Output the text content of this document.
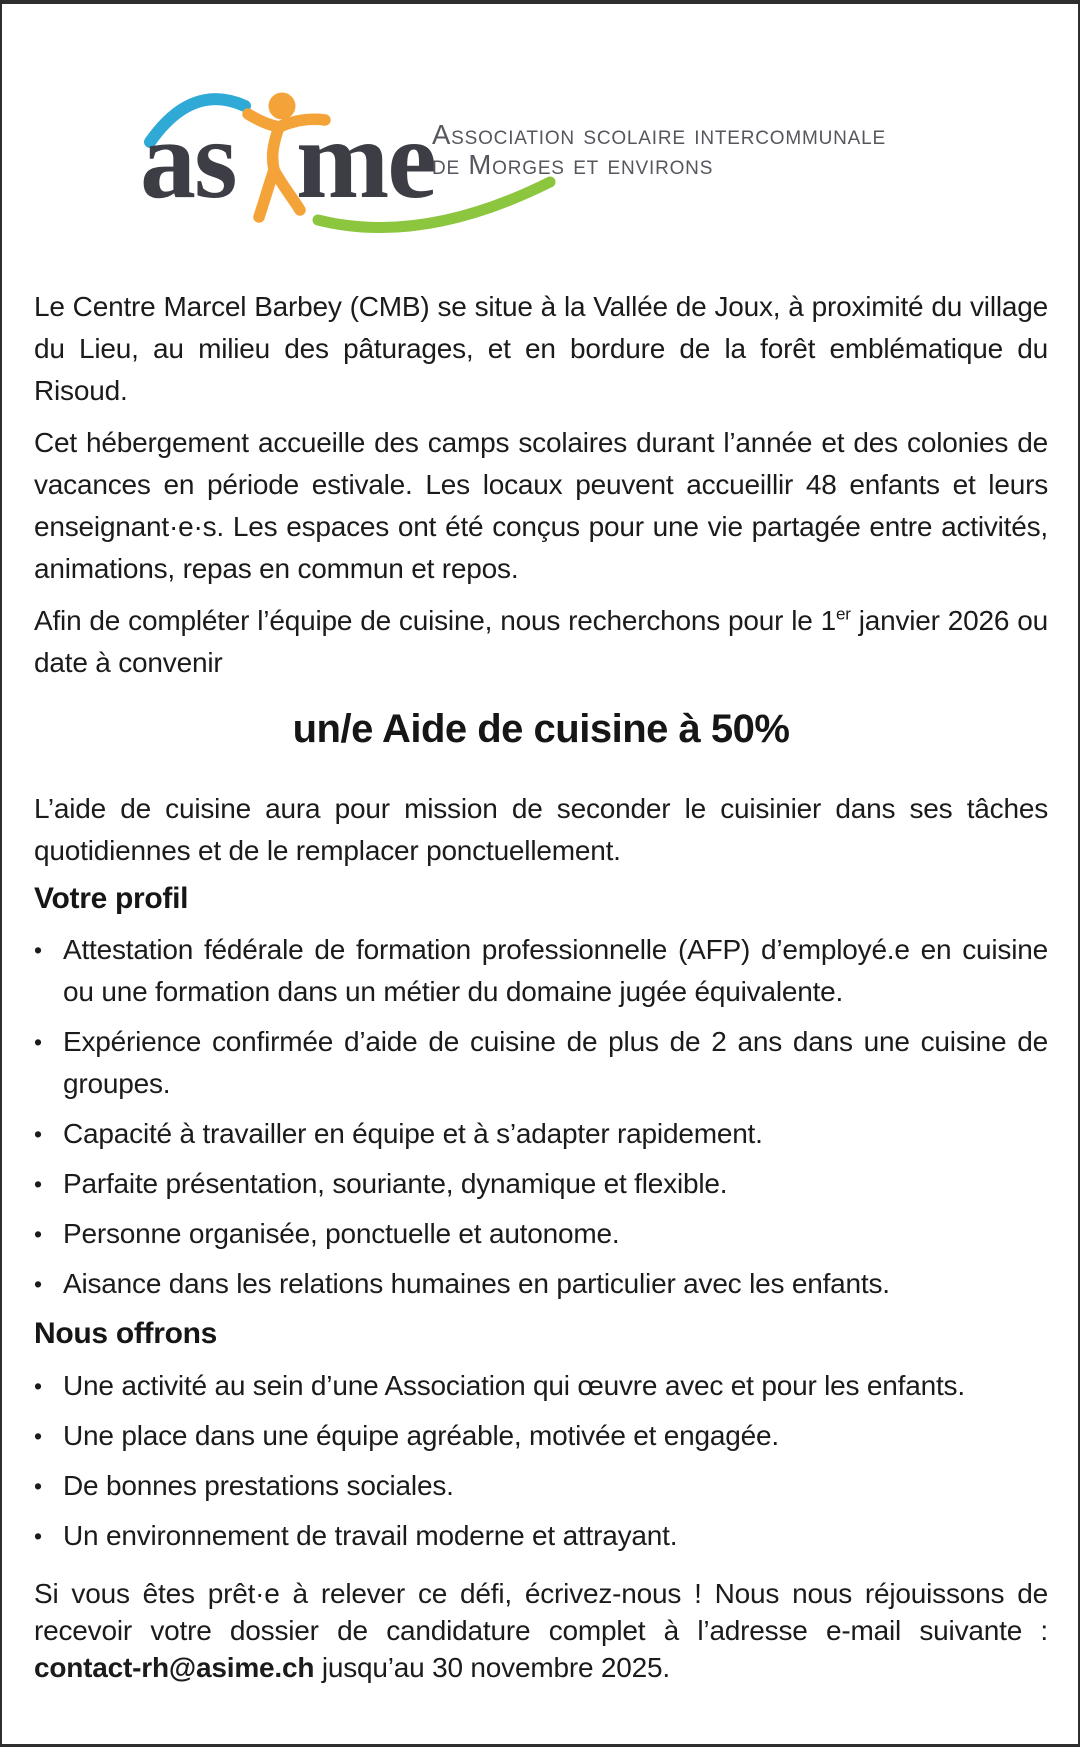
as me
Association scolaire intercommunale
de Morges et environs

Le Centre Marcel Barbey (CMB) se situe à la Vallée de Joux, à proximité du village du Lieu, au milieu des pâturages, et en bordure de la forêt emblématique du Risoud.

Cet hébergement accueille des camps scolaires durant l’année et des colonies de vacances en période estivale. Les locaux peuvent accueillir 48 enfants et leurs enseignant·e·s. Les espaces ont été conçus pour une vie partagée entre activités, animations, repas en commun et repos.

Afin de compléter l’équipe de cuisine, nous recherchons pour le 1er janvier 2026 ou date à convenir

un/e Aide de cuisine à 50%

L’aide de cuisine aura pour mission de seconder le cuisinier dans ses tâches quotidiennes et de le remplacer ponctuellement.

Votre profil
• Attestation fédérale de formation professionnelle (AFP) d’employé.e en cuisine ou une formation dans un métier du domaine jugée équivalente.
• Expérience confirmée d’aide de cuisine de plus de 2 ans dans une cuisine de groupes.
• Capacité à travailler en équipe et à s’adapter rapidement.
• Parfaite présentation, souriante, dynamique et flexible.
• Personne organisée, ponctuelle et autonome.
• Aisance dans les relations humaines en particulier avec les enfants.
Nous offrons
• Une activité au sein d’une Association qui œuvre avec et pour les enfants.
• Une place dans une équipe agréable, motivée et engagée.
• De bonnes prestations sociales.
• Un environnement de travail moderne et attrayant.

Si vous êtes prêt·e à relever ce défi, écrivez-nous ! Nous nous réjouissons de recevoir votre dossier de candidature complet à l’adresse e-mail suivante : contact-rh@asime.ch jusqu’au 30 novembre 2025.
